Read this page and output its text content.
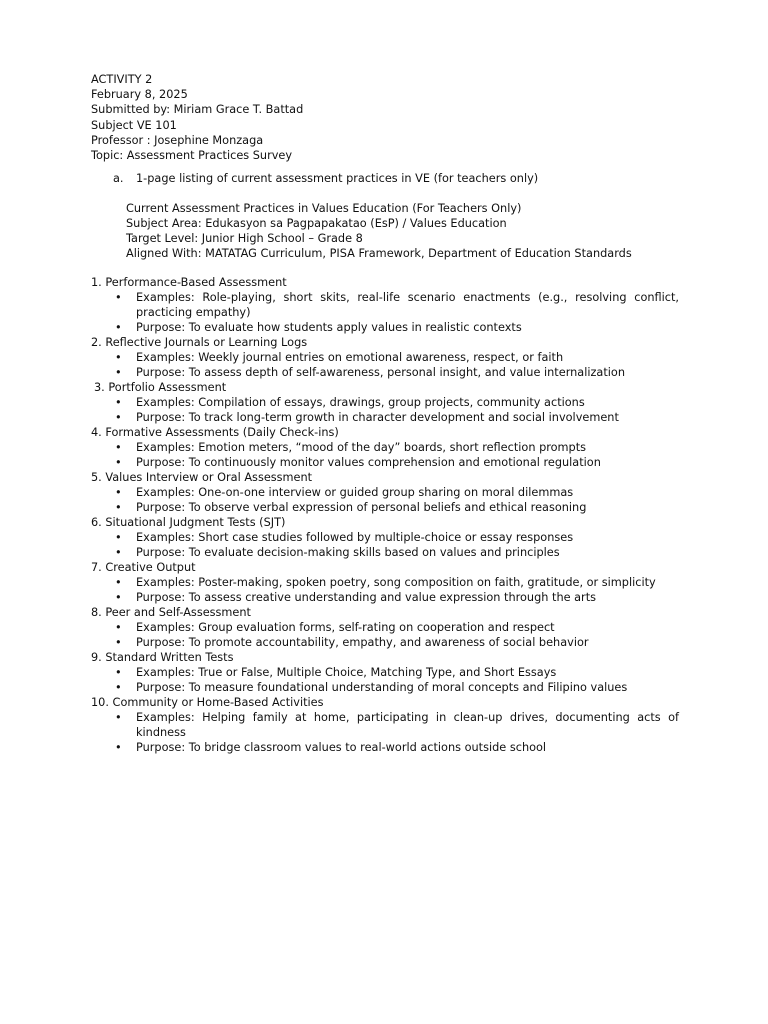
ACTIVITY 2
February 8, 2025
Submitted by: Miriam Grace T. Battad
Subject VE 101
Professor : Josephine Monzaga
Topic: Assessment Practices Survey
a.	1-page listing of current assessment practices in VE (for teachers only)
Current Assessment Practices in Values Education (For Teachers Only)
Subject Area: Edukasyon sa Pagpapakatao (EsP) / Values Education
Target Level: Junior High School – Grade 8
Aligned With: MATATAG Curriculum, PISA Framework, Department of Education Standards
1. Performance-Based Assessment
• Examples: Role-playing, short skits, real-life scenario enactments (e.g., resolving conflict, practicing empathy)
• Purpose: To evaluate how students apply values in realistic contexts
2. Reflective Journals or Learning Logs
• Examples: Weekly journal entries on emotional awareness, respect, or faith
• Purpose: To assess depth of self-awareness, personal insight, and value internalization
3. Portfolio Assessment
• Examples: Compilation of essays, drawings, group projects, community actions
• Purpose: To track long-term growth in character development and social involvement
4. Formative Assessments (Daily Check-ins)
• Examples: Emotion meters, “mood of the day” boards, short reflection prompts
• Purpose: To continuously monitor values comprehension and emotional regulation
5. Values Interview or Oral Assessment
• Examples: One-on-one interview or guided group sharing on moral dilemmas
• Purpose: To observe verbal expression of personal beliefs and ethical reasoning
6. Situational Judgment Tests (SJT)
• Examples: Short case studies followed by multiple-choice or essay responses
• Purpose: To evaluate decision-making skills based on values and principles
7. Creative Output
• Examples: Poster-making, spoken poetry, song composition on faith, gratitude, or simplicity
• Purpose: To assess creative understanding and value expression through the arts
8. Peer and Self-Assessment
• Examples: Group evaluation forms, self-rating on cooperation and respect
• Purpose: To promote accountability, empathy, and awareness of social behavior
9. Standard Written Tests
• Examples: True or False, Multiple Choice, Matching Type, and Short Essays
• Purpose: To measure foundational understanding of moral concepts and Filipino values
10. Community or Home-Based Activities
• Examples: Helping family at home, participating in clean-up drives, documenting acts of kindness
• Purpose: To bridge classroom values to real-world actions outside school
